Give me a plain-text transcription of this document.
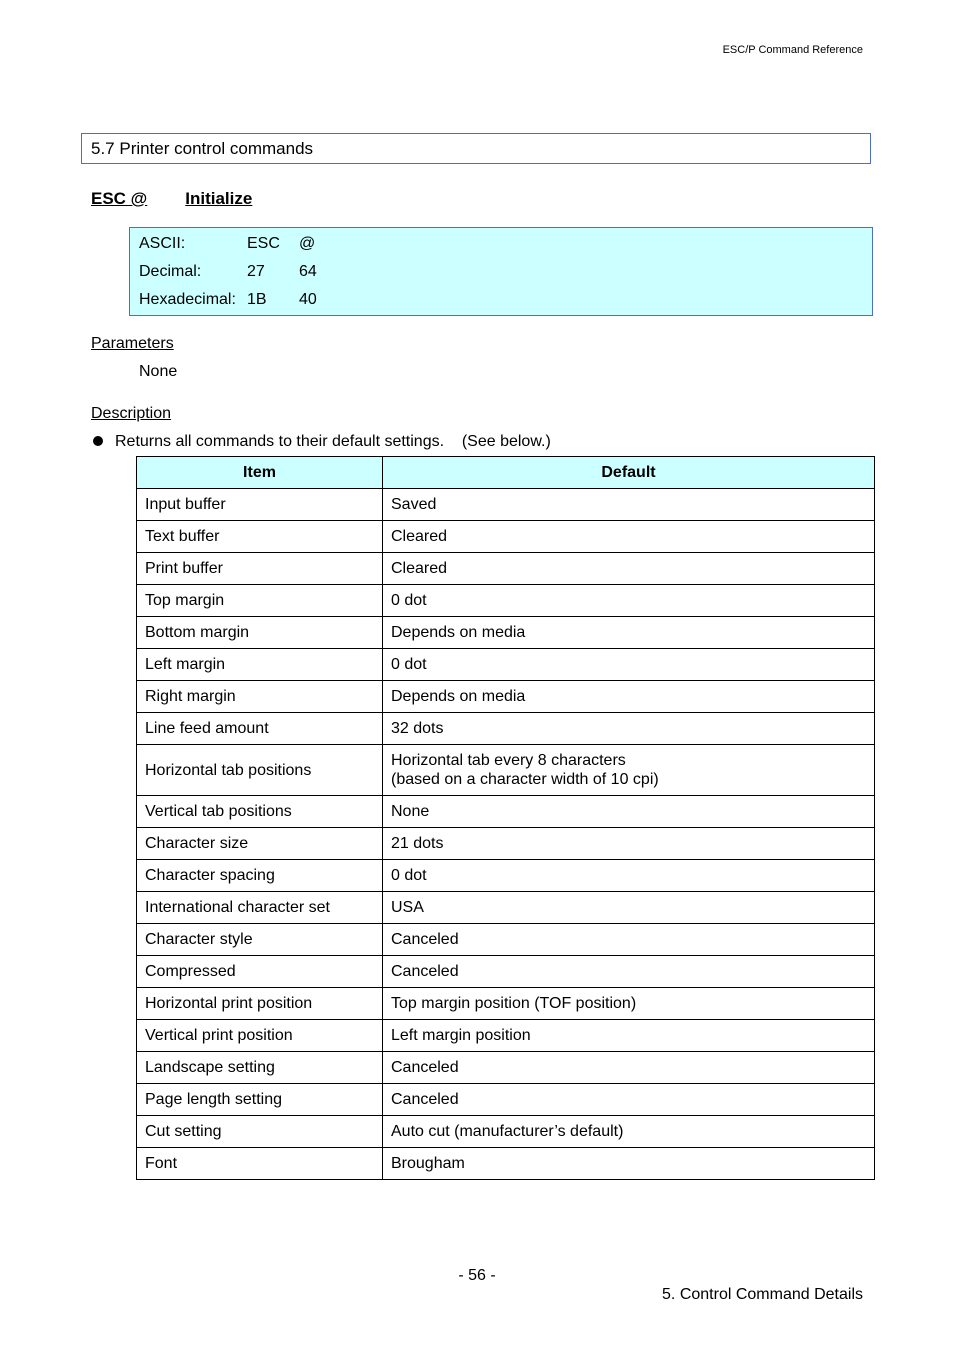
ESC/P Command Reference
5.7 Printer control commands
ESC @ Initialize
ASCII:	ESC @
Decimal:	27 64
Hexadecimal: 1B 40
Parameters
None
Description
Returns all commands to their default settings.    (See below.)
Item	Default
Input buffer	Saved
Text buffer	Cleared
Print buffer	Cleared
Top margin	0 dot
Bottom margin	Depends on media
Left margin	0 dot
Right margin	Depends on media
Line feed amount	32 dots
Horizontal tab positions	Horizontal tab every 8 characters
(based on a character width of 10 cpi)

Vertical tab positions	None
Character size	21 dots
Character spacing	0 dot
International character set	USA
Character style	Canceled
Compressed	Canceled
Horizontal print position	Top margin position (TOF position)
Vertical print position	Left margin position
Landscape setting	Canceled
Page length setting	Canceled
Cut setting	Auto cut (manufacturer’s default)
Font	Brougham
- 56 -
5. Control Command Details
